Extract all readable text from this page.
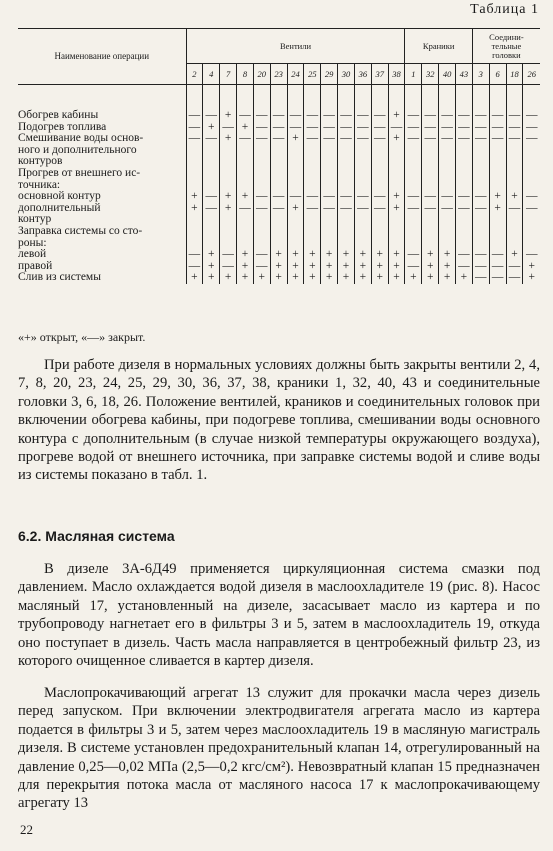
Таблица 1
Наименование операции	Вентили													Краники				Соедини-
тельные
головки			
	2	4	7	8	20	23	24	25	29	30	36	37	38	1	32	40	43	3	6	18	26
Обогрев кабины	—	—	+	—	—	—	—	—	—	—	—	—	+	—	—	—	—	—	—	—	—
Подогрев топлива	—	+	—	+	—	—	—	—	—	—	—	—	—	—	—	—	—	—	—	—	—
Смешивание воды основ-
ного и дополнительного
контуров	—	—	+	—	—	—	+	—	—	—	—	—	+	—	—	—	—	—	—	—	—
Прогрев от внешнего ис-
точника:																					
основной контур	+	—	+	+	—	—	—	—	—	—	—	—	+	—	—	—	—	—	+	+	—
дополнительный
контур	+	—	+	—	—	—	+	—	—	—	—	—	+	—	—	—	—	—	+	—	—
Заправка системы со сто-
роны:																					
левой	—	+	—	+	—	+	+	+	+	+	+	+	+	—	+	+	—	—	—	+	—
правой	—	+	—	+	—	+	+	+	+	+	+	+	+	—	+	+	—	—	—	—	+
Слив из системы	+	+	+	+	+	+	+	+	+	+	+	+	+	+	+	+	+	—	—	—	+
«+» открыт, «—» закрыт.

При работе дизеля в нормальных условиях должны быть закрыты вентили 2, 4, 7, 8, 20, 23, 24, 25, 29, 30, 36, 37, 38, краники 1, 32, 40, 43 и соединительные головки 3, 6, 18, 26. Положение вентилей, краников и соединительных головок при включении обогрева кабины, при подогреве топлива, смешивании воды основного контура с дополнительным (в случае низкой температуры окружающего воздуха), прогреве водой от внешнего источника, при заправке системы водой и сливе воды из системы показано в табл. 1.

6.2. Масляная система

В дизеле 3А-6Д49 применяется циркуляционная система смазки под давлением. Масло охлаждается водой дизеля в маслоохладителе 19 (рис. 8). Насос масляный 17, установленный на дизеле, засасывает масло из картера и по трубопроводу нагнетает его в фильтры 3 и 5, затем в маслоохладитель 19, откуда оно поступает в дизель. Часть масла направляется в центробежный фильтр 23, из которого очищенное сливается в картер дизеля.

Маслопрокачивающий агрегат 13 служит для прокачки масла через дизель перед запуском. При включении электродвигателя агрегата масло из картера подается в фильтры 3 и 5, затем через маслоохладитель 19 в масляную магистраль дизеля. В системе установлен предохранительный клапан 14, отрегулированный на давление 0,25—0,02 МПа (2,5—0,2 кгс/см²). Невозвратный клапан 15 предназначен для перекрытия потока масла от масляного насоса 17 к маслопрокачивающему агрегату 13

22
